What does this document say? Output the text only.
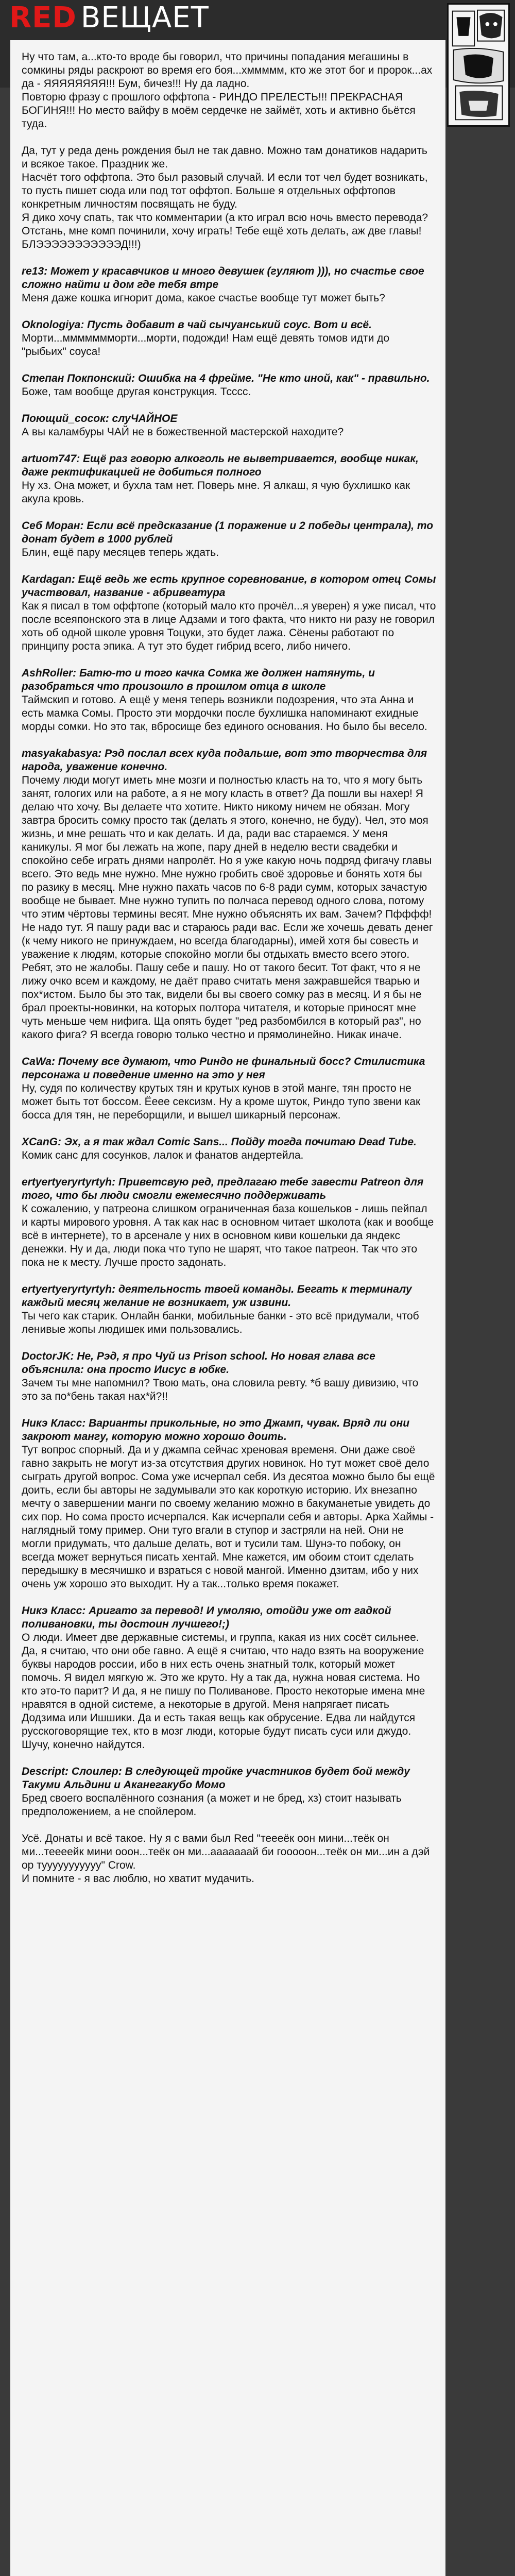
RED ВЕЩАЕТ

Ну что там, а...кто-то вроде бы говорил, что причины попадания мегашины в сомкины ряды раскроют во время его боя...хммммм, кто же этот бог и пророк...ах да - ЯЯЯЯЯЯЯЯ!!! Бум, бичез!!! Ну да ладно.
Повторю фразу с прошлого оффтопа - РИНДО ПРЕЛЕСТЬ!!! ПРЕКРАСНАЯ БОГИНЯ!!! Но место вайфу в моём сердечке не займёт, хоть и активно бьётся туда.

Да, тут у реда день рождения был не так давно. Можно там донатиков надарить и всякое такое. Праздник же.
Насчёт того оффтопа. Это был разовый случай. И если тот чел будет возникать, то пусть пишет сюда или под тот оффтоп. Больше я отдельных оффтопов конкретным личностям посвящать не буду.
Я дико хочу спать, так что комментарии (а кто играл всю ночь вместо перевода? Отстань, мне комп починили, хочу играть! Тебе ещё хоть делать, аж две главы! БЛЭЭЭЭЭЭЭЭЭЭЭД!!!)

re13: Может у красавчиков и много девушек (гуляют ))), но счастье свое сложно найти и дом где тебя втре
Меня даже кошка игнорит дома, какое счастье вообще тут может быть?

Oknologiya: Пусть добавит в чай сычуанський соус. Вот и всё.
Морти...ммммммморти...морти, подожди! Нам ещё девять томов идти до "рыбьих" соуса!

Степан Покпонский: Ошибка на 4 фрейме. "Не кто иной, как" - правильно.
Боже, там вообще другая конструкция. Тсссс.

Поющий_сосок: слуЧАЙНОЕ
А вы каламбуры ЧАЙ не в божественной мастерской находите?

artuom747: Ещё раз говорю алкоголь не выветривается, вообще никак, даже ректификацией не добиться полного
Ну хз. Она может, и бухла там нет. Поверь мне. Я алкаш, я чую бухлишко как акула кровь.

Себ Моран: Если всё предсказание (1 поражение и 2 победы централа), то донат будет в 1000 рублей
Блин, ещё пару месяцев теперь ждать.

Kardagan: Ещё ведь же есть крупное соревнование, в котором отец Сомы участвовал, название - абривеатура
Как я писал в том оффтопе (который мало кто прочёл...я уверен) я уже писал, что после всеяпонского эта в лице Адзами и того факта, что никто ни разу не говорил хоть об одной школе уровня Тоцуки, это будет лажа. Сёнены работают по принципу роста эпика. А тут это будет гибрид всего, либо ничего.

AshRoller: Батю-то и того качка Сомка же должен натянуть, и разобраться что произошло в прошлом отца в школе
Таймскип и готово. А ещё у меня теперь возникли подозрения, что эта Анна и есть мамка Сомы. Просто эти мордочки после бухлишка напоминают ехидные морды сомки. Но это так, вбросище без единого основания. Но было бы весело.

masyakabasya: Рэд послал всех куда подальше, вот это творчества для народа, уважение конечно.
Почему люди могут иметь мне мозги и полностью класть на то, что я могу быть занят, гологих или на работе, а я не могу класть в ответ? Да пошли вы нахер! Я делаю что хочу. Вы делаете что хотите. Никто никому ничем не обязан. Могу завтра бросить сомку просто так (делать я этого, конечно, не буду). Чел, это моя жизнь, и мне решать что и как делать. И да, ради вас стараемся. У меня каникулы. Я мог бы лежать на жопе, пару дней в неделю вести свадебки и спокойно себе играть днями напролёт. Но я уже какую ночь подряд фигачу главы всего. Это ведь мне нужно. Мне нужно гробить своё здоровье и бонять хотя бы по разику в месяц. Мне нужно пахать часов по 6-8 ради сумм, которых зачастую вообще не бывает. Мне нужно тупить по полчаса перевод одного слова, потому что этим чёртовы термины весят. Мне нужно объяснять их вам. Зачем? Пфффф! Не надо тут. Я пашу ради вас и стараюсь ради вас. Если же хочешь девать денег (к чему никого не принуждаем, но всегда благодарны), имей хотя бы совесть и уважение к людям, которые спокойно могли бы отдыхать вместо всего этого. Ребят, это не жалобы. Пашу себе и пашу. Но от такого бесит. Тот факт, что я не лижу очко всем и каждому, не даёт право считать меня зажравшейся тварью и пох*истом. Было бы это так, видели бы вы своего сомку раз в месяц. И я бы не брал проекты-новинки, на которых полтора читателя, и которые приносят мне чуть меньше чем нифига. Ща опять будет "ред разбомбился в который раз", но какого фига? Я всегда говорю только честно и прямолинейно. Никак иначе.

CaWa: Почему все думают, что Риндо не финальный босс? Стилистика персонажа и поведение именно на это у нея
Ну, судя по количеству крутых тян и крутых кунов в этой манге, тян просто не может быть тот боссом. Ёеее сексизм. Ну а кроме шуток, Риндо тупо звени как босса для тян, не переборщили, и вышел шикарный персонаж.

XCanG: Эх, а я так ждал Comic Sans... Пойду тогда почитаю Dead Tube.
Комик санс для сосунков, лалок и фанатов андертейла.

ertyertyeryrtyrtyh: Приветсвую ред, предлагаю тебе завести Patreon для того, что бы люди смогли ежемесячно поддерживать
К сожалению, у патреона слишком ограниченная база кошельков - лишь пейпал и карты мирового уровня. А так как нас в основном читает школота (как и вообще всё в интернете), то в арсенале у них в основном киви кошельки да яндекс денежки. Ну и да, люди пока что тупо не шарят, что такое патреон. Так что это пока не к месту. Лучше просто задонать.

ertyertyeryrtyrtyh: деятельность твоей команды. Бегать к терминалу каждый месяц желание не возникает, уж извини.
Ты чего как старик. Онлайн банки, мобильные банки - это всё придумали, чтоб ленивые жопы людишек ими пользовались.

DoctorJK: Не, Рэд, я про Чуй из Prison school. Но новая глава все объяснила: она просто Иисус в юбке.
Зачем ты мне напомнил? Твою мать, она словила ревту. *б вашу дивизию, что это за по*бень такая нах*й?!!

Никэ Класс: Варианты прикольные, но это Джамп, чувак. Вряд ли они закроют мангу, которую можно хорошо доить.
Тут вопрос спорный. Да и у джампа сейчас хреновая временя. Они даже своё гавно закрыть не могут из-за отсутствия других новинок. Но тут может своё дело сыграть другой вопрос. Сома уже исчерпал себя. Из десятоа можно было бы ещё доить, если бы авторы не задумывали это как короткую историю. Их внезапно мечту о завершении манги по своему желанию можно в бакуманетые увидеть до сих пор. Но сома просто исчерпался. Как исчерпали себя и авторы. Арка Хаймы - наглядный тому пример. Они туго вгали в ступор и застряли на ней. Они не могли придумать, что дальше делать, вот и тусили там. Шунэ-то побоку, он всегда может вернуться писать хентай. Мне кажется, им обоим стоит сделать передышку в месячишко и взраться с новой мангой. Именно дзитам, ибо у них очень уж хорошо это выходит. Ну а так...только время покажет.

Никэ Класс: Аригато за перевод! И умоляю, отойди уже от гадкой поливановки, ты достоин лучшего!;)
О люди. Имеет две державные системы, и группа, какая из них сосёт сильнее. Да, я считаю, что они обе гавно. А ещё я считаю, что надо взять на вооружение буквы народов россии, ибо в них есть очень знатный толк, который может помочь. Я видел мягкую ж. Это же круто. Ну а так да, нужна новая система. Но кто это-то парит? И да, я не пишу по Поливанове. Просто некоторые имена мне нравятся в одной системе, а некоторые в другой. Меня напрягает писать Додзима или Ишшики. Да и есть такая вещь как обрусение. Едва ли найдутся русскоговорящие тех, кто в мозг люди, которые будут писать суси или джудо. Шучу, конечно найдутся.

Descript: Слоилер: В следующей тройке участников будет бой между Такуми Альдини и Аканегакубо Момо
Бред своего воспалённого сознания (а может и не бред, хз) стоит называть предположением, а не спойлером.

Усё. Донаты и всё такое. Ну я с вами был Red "теееёк оон мини...теёк он ми...теееейк мини ооон...теёк он ми...ааааааай би гооооон...теёк он ми...ин а дэй ор тууууууууууу" Crow.
И помните - я вас люблю, но хватит мудачить.
